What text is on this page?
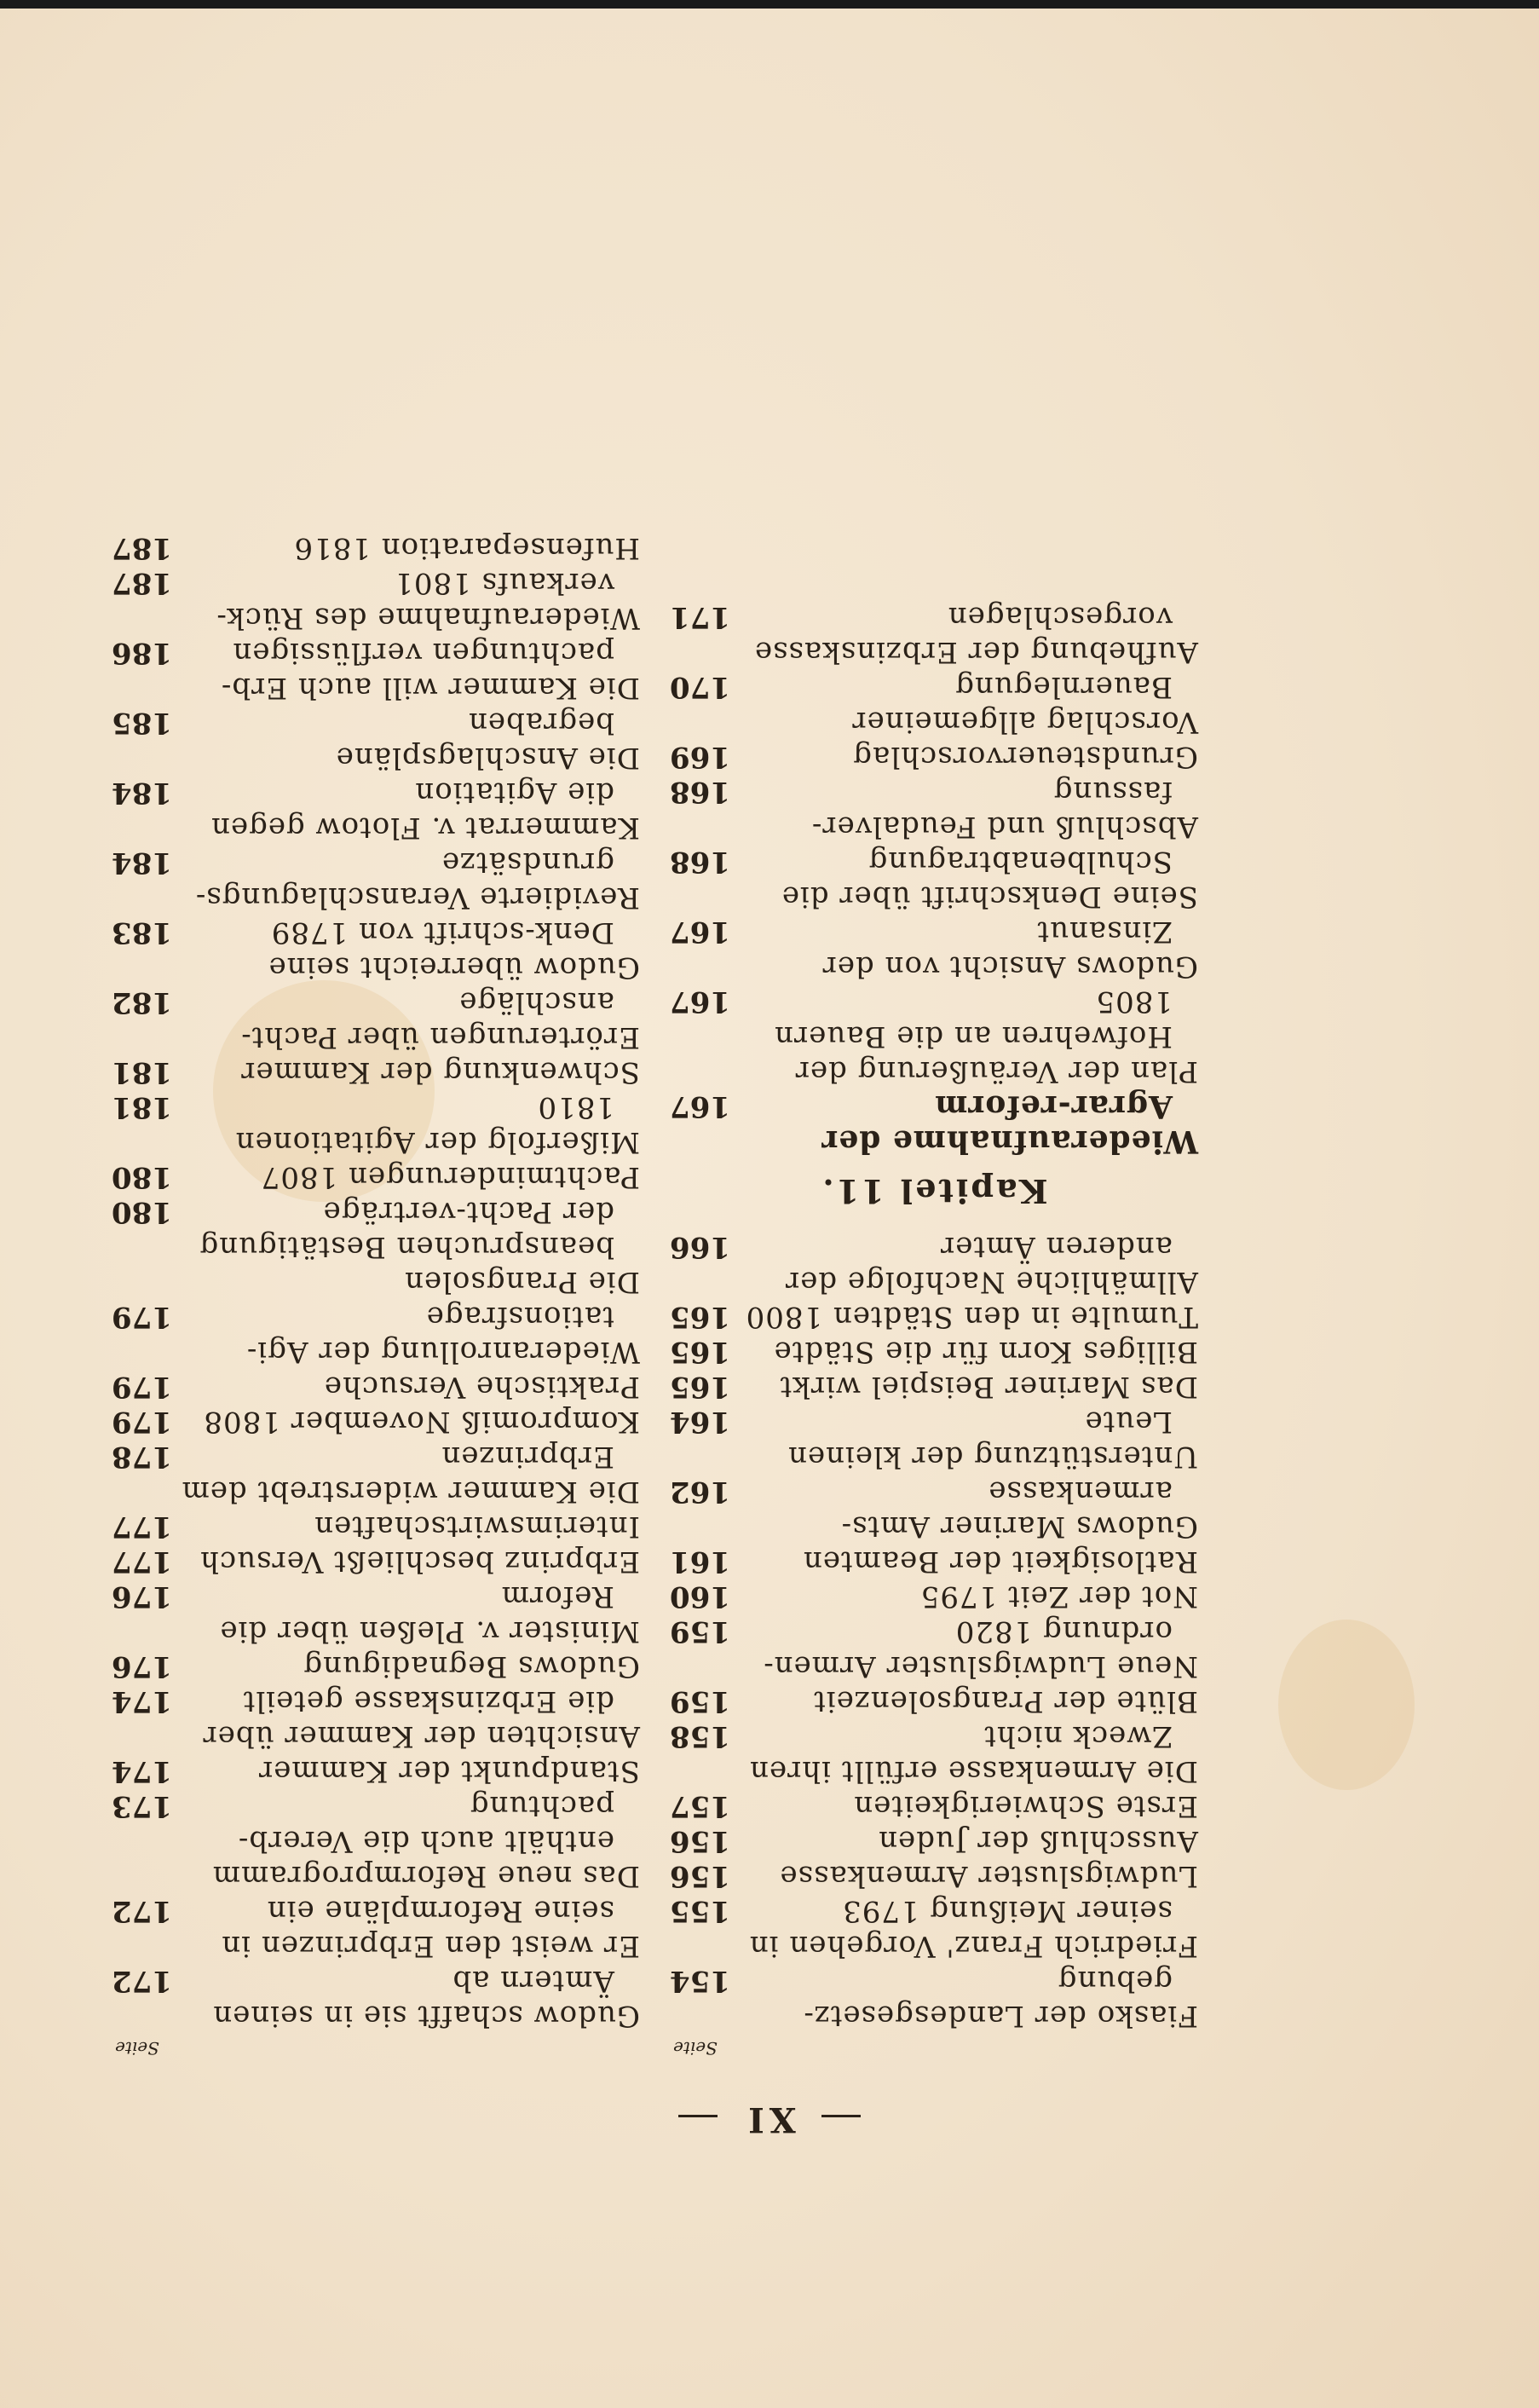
XI
Seite
Fiasko der Landesgesetz-gebung
154
Friedrich Franz' Vorgehen in seiner Meißung 1793
155
Ludwigsluster Armenkasse
156
Ausschluß der Juden
156
Erste Schwierigkeiten
157
Die Armenkasse erfüllt ihren Zweck nicht
158
Blüte der Prangsolenzeit
159
Neue Ludwigsluster Armen-ordnung 1820
159
Not der Zeit 1795
160
Ratlosigkeit der Beamten
161
Gudows Mariner Amts-armenkasse
162
Unterstützung der kleinen Leute
164
Das Mariner Beispiel wirkt
165
Billiges Korn für die Städte
165
Tumulte in den Städten 1800
165
Allmähliche Nachfolge der anderen Ämter
166
Kapitel 11.
Wiederaufnahme der Agrar-reform
167
Plan der Veräußerung der Hofwehren an die Bauern 1805
167
Gudows Ansicht von der Zinsanut
167
Seine Denkschrift über die Schulbenabtragung
168
Abschluß und Feudalver-fassung
168
Grundsteuervorschlag
169
Vorschlag allgemeiner Bauernlegung
170
Aufhebung der Erbzinskasse vorgeschlagen
171
Seite
Gudow schafft sie in seinen Ämtern ab
172
Er weist den Erbprinzen in seine Reformpläne ein
172
Das neue Reformprogramm enthält auch die Vererb-pachtung
173
Standpunkt der Kammer
174
Ansichten der Kammer über die Erbzinskasse geteilt
174
Gudows Begnadigung
176
Minister v. Pleßen über die Reform
176
Erbprinz beschließt Versuch
177
Interimswirtschaften
177
Die Kammer widerstrebt dem Erbprinzen
178
Kompromiß November 1808
179
Praktische Versuche
179
Wiederanrollung der Agi-tationsfrage
179
Die Prangsolen beanspruchen Bestätigung der Pacht-verträge
180
Pachtminderungen 1807
180
Mißerfolg der Agitationen 1810
181
Schwenkung der Kammer
181
Erörterungen über Pacht-anschläge
182
Gudow überreicht seine Denk-schrift von 1789
183
Revidierte Veranschlagungs-grundsätze
184
Kammerrat v. Flotow gegen die Agitation
184
Die Anschlagspläne begraben
185
Die Kammer will auch Erb-pachtungen verflüssigen
186
Wiederaufnahme des Rück-verkaufs 1801
187
Hufenseparation 1816
187
